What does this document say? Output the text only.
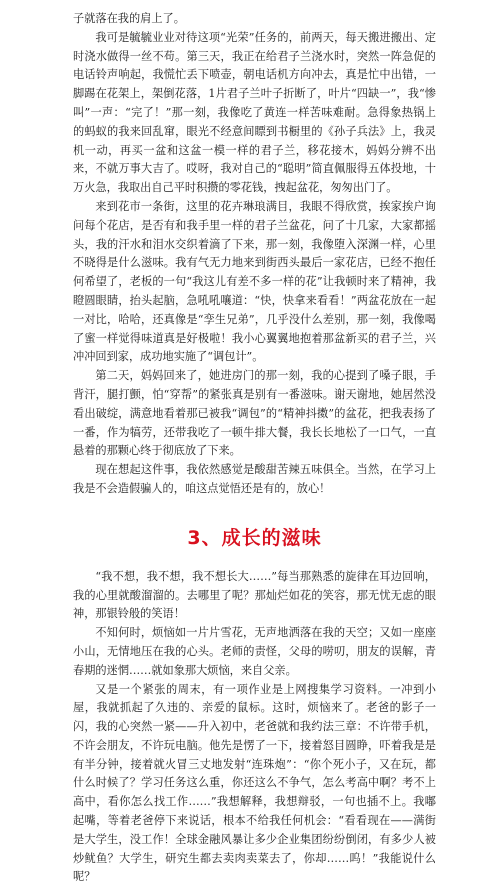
子就落在我的肩上了。

我可是毓毓业业对待这项“光荣”任务的，前两天，每天搬进搬出、定时浇水做得一丝不苟。第三天，我正在给君子兰浇水时，突然一阵急促的电话铃声响起，我慌忙丢下喷壶，朝电话机方向冲去，真是忙中出错，一脚踢在花架上，架倒花落，1片君子兰叶子折断了，叶片“四缺一”，我“惨叫”一声：“完了！”那一刻，我像吃了黄连一样苦味难耐。急得象热锅上的蚂蚁的我来回乱窜，眼光不经意间瞟到书橱里的《孙子兵法》上，我灵机一动，再买一盆和这盆一模一样的君子兰，移花接木，妈妈分辨不出来，不就万事大吉了。哎呀，我对自己的“聪明”简直佩服得五体投地，十万火急，我取出自己平时积攒的零花钱，拽起盆花，匆匆出门了。

来到花市一条街，这里的花卉琳琅满目，我眼不得欣赏，挨家挨户询问每个花店，是否有和我手里一样的君子兰盆花，问了十几家，大家都摇头，我的汗水和泪水交织着滴了下来，那一刻，我像堕入深渊一样，心里不晓得是什么滋味。我有气无力地来到街西头最后一家花店，已经不抱任何希望了，老板的一句“我这儿有差不多一样的花”让我顿时来了精神，我瞪圆眼睛，抬头起脑，急吼吼嚷道：“快，快拿来看看！”两盆花放在一起一对比，哈哈，还真像是“孪生兄弟”，几乎没什么差别，那一刻，我像喝了蜜一样觉得味道真是好极啦！我小心翼翼地抱着那盆新买的君子兰，兴冲冲回到家，成功地实施了“调包计”。

第二天，妈妈回来了，她进房门的那一刻，我的心提到了嗓子眼，手背汗，腿打颤，怕“穿帮”的紧张真是别有一番滋味。谢天谢地，她居然没看出破绽，满意地看着那已被我“调包”的“精神抖擞”的盆花，把我表扬了一番，作为犒劳，还带我吃了一顿牛排大餐，我长长地松了一口气，一直悬着的那颗心终于彻底放了下来。

现在想起这件事，我依然感觉是酸甜苦辣五味俱全。当然，在学习上我是不会造假骗人的，咱这点觉悟还是有的，放心！

3、成长的滋味

“我不想，我不想，我不想长大……”每当那熟悉的旋律在耳边回响，我的心里就酸溜溜的。去哪里了呢？那灿烂如花的笑容，那无忧无虑的眼神，那银铃般的笑语！

不知何时，烦恼如一片片雪花，无声地洒落在我的天空；又如一座座小山，无情地压在我的心头。老师的责怪，父母的唠叨，朋友的误解，青春期的迷惘……就如象那大烦恼，来自父亲。

又是一个紧张的周末，有一项作业是上网搜集学习资料。一冲到小屋，我就抓起了久违的、亲爱的鼠标。这时，烦恼来了。老爸的影子一闪，我的心突然一紧——升入初中，老爸就和我约法三章：不许带手机，不许会朋友，不许玩电脑。他先是愣了一下，接着怒目圆睁，吓着我是是有半分钟，接着就火冒三丈地发射“连珠炮”：“你个死小子，又在玩，都什么时候了？学习任务这么重，你还这么不争气，怎么考高中啊？考不上高中，看你怎么找工作……”我想解释，我想辩驳，一句也插不上。我嘟起嘴，等着老爸停下来说话，根本不给我任何机会：“看看现在——满街是大学生，没工作！全球金融风暴让多少企业集团纷纷倒闭，有多少人被炒鱿鱼？大学生，研究生都去卖肉卖菜去了，你却……呜！”我能说什么呢？
